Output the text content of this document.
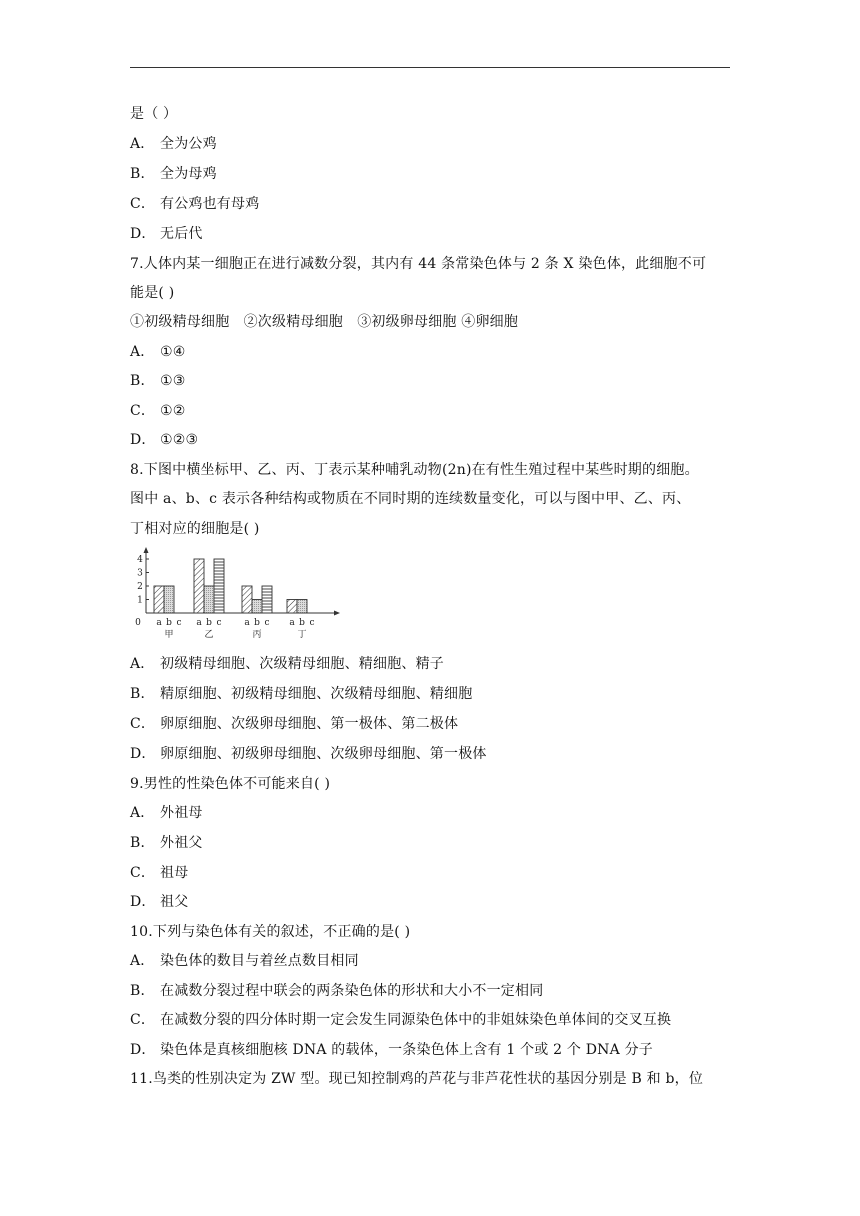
是（ ）
A． 全为公鸡
B． 全为母鸡
C． 有公鸡也有母鸡
D． 无后代
7.人体内某一细胞正在进行减数分裂，其内有 44 条常染色体与 2 条 X 染色体，此细胞不可
能是( )
①初级精母细胞　②次级精母细胞　③初级卵母细胞 ④卵细胞
A． ①④
B． ①③
C． ①②
D． ①②③
8.下图中横坐标甲、乙、丙、丁表示某种哺乳动物(2n)在有性生殖过程中某些时期的细胞。
图中 a、b、c 表示各种结构或物质在不同时期的连续数量变化，可以与图中甲、乙、丙、
丁相对应的细胞是( )
A． 初级精母细胞、次级精母细胞、精细胞、精子
B． 精原细胞、初级精母细胞、次级精母细胞、精细胞
C． 卵原细胞、次级卵母细胞、第一极体、第二极体
D． 卵原细胞、初级卵母细胞、次级卵母细胞、第一极体
9.男性的性染色体不可能来自( )
A． 外祖母
B． 外祖父
C． 祖母
D． 祖父
10.下列与染色体有关的叙述，不正确的是( )
A． 染色体的数目与着丝点数目相同
B． 在减数分裂过程中联会的两条染色体的形状和大小不一定相同
C． 在减数分裂的四分体时期一定会发生同源染色体中的非姐妹染色单体间的交叉互换
D． 染色体是真核细胞核 DNA 的载体，一条染色体上含有 1 个或 2 个 DNA 分子
11.鸟类的性别决定为 ZW 型。现已知控制鸡的芦花与非芦花性状的基因分别是 B 和 b，位
0
1
2
3
4
a b c
甲
a b c
乙
a b c
丙
a b c
丁
